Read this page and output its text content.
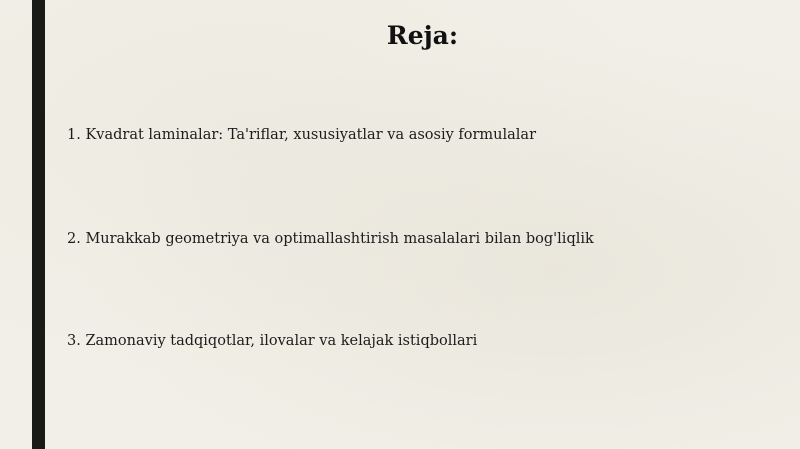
Reja:
1. Kvadrat laminalar: Ta'riflar, xususiyatlar va asosiy formulalar
2. Murakkab geometriya va optimallashtirish masalalari bilan bog'liqlik
3. Zamonaviy tadqiqotlar, ilovalar va kelajak istiqbollari
